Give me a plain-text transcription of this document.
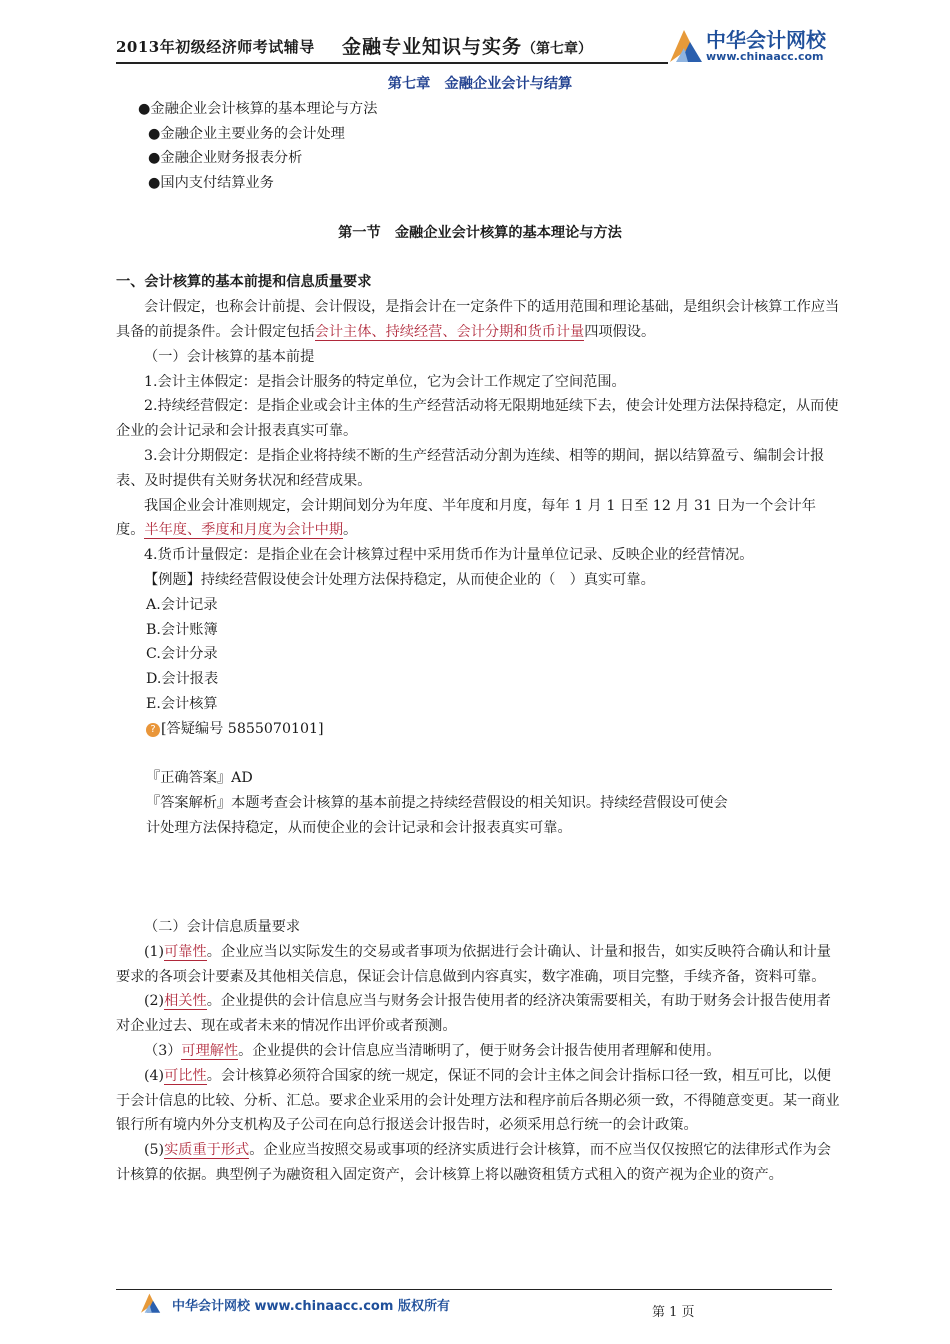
2013年初级经济师考试辅导 金融专业知识与实务（第七章）	中华会计网校
www.chinaacc.com

第七章　金融企业会计与结算

●金融企业会计核算的基本理论与方法

●金融企业主要业务的会计处理

●金融企业财务报表分析

●国内支付结算业务

第一节　金融企业会计核算的基本理论与方法

一、会计核算的基本前提和信息质量要求

会计假定，也称会计前提、会计假设，是指会计在一定条件下的适用范围和理论基础，是组织会计核算工作应当具备的前提条件。会计假定包括会计主体、持续经营、会计分期和货币计量四项假设。

（一）会计核算的基本前提

1.会计主体假定：是指会计服务的特定单位，它为会计工作规定了空间范围。

2.持续经营假定：是指企业或会计主体的生产经营活动将无限期地延续下去，使会计处理方法保持稳定，从而使企业的会计记录和会计报表真实可靠。

3.会计分期假定：是指企业将持续不断的生产经营活动分割为连续、相等的期间，据以结算盈亏、编制会计报表、及时提供有关财务状况和经营成果。

我国企业会计准则规定，会计期间划分为年度、半年度和月度，每年 1 月 1 日至 12 月 31 日为一个会计年度。半年度、季度和月度为会计中期。

4.货币计量假定：是指企业在会计核算过程中采用货币作为计量单位记录、反映企业的经营情况。

【例题】持续经营假设使会计处理方法保持稳定，从而使企业的（　）真实可靠。

A.会计记录

B.会计账簿

C.会计分录

D.会计报表

E.会计核算

? [答疑编号 5855070101]

『正确答案』AD

『答案解析』本题考查会计核算的基本前提之持续经营假设的相关知识。持续经营假设可使会计处理方法保持稳定，从而使企业的会计记录和会计报表真实可靠。

（二）会计信息质量要求

(1)可靠性。企业应当以实际发生的交易或者事项为依据进行会计确认、计量和报告，如实反映符合确认和计量要求的各项会计要素及其他相关信息，保证会计信息做到内容真实，数字准确，项目完整，手续齐备，资料可靠。

(2)相关性。企业提供的会计信息应当与财务会计报告使用者的经济决策需要相关，有助于财务会计报告使用者对企业过去、现在或者未来的情况作出评价或者预测。

（3）可理解性。企业提供的会计信息应当清晰明了，便于财务会计报告使用者理解和使用。

(4)可比性。会计核算必须符合国家的统一规定，保证不同的会计主体之间会计指标口径一致，相互可比，以便于会计信息的比较、分析、汇总。要求企业采用的会计处理方法和程序前后各期必须一致，不得随意变更。某一商业银行所有境内外分支机构及子公司在向总行报送会计报告时，必须采用总行统一的会计政策。

(5)实质重于形式。企业应当按照交易或事项的经济实质进行会计核算，而不应当仅仅按照它的法律形式作为会计核算的依据。典型例子为融资租入固定资产，会计核算上将以融资租赁方式租入的资产视为企业的资产。

中华会计网校 www.chinaacc.com 版权所有	第 1 页
